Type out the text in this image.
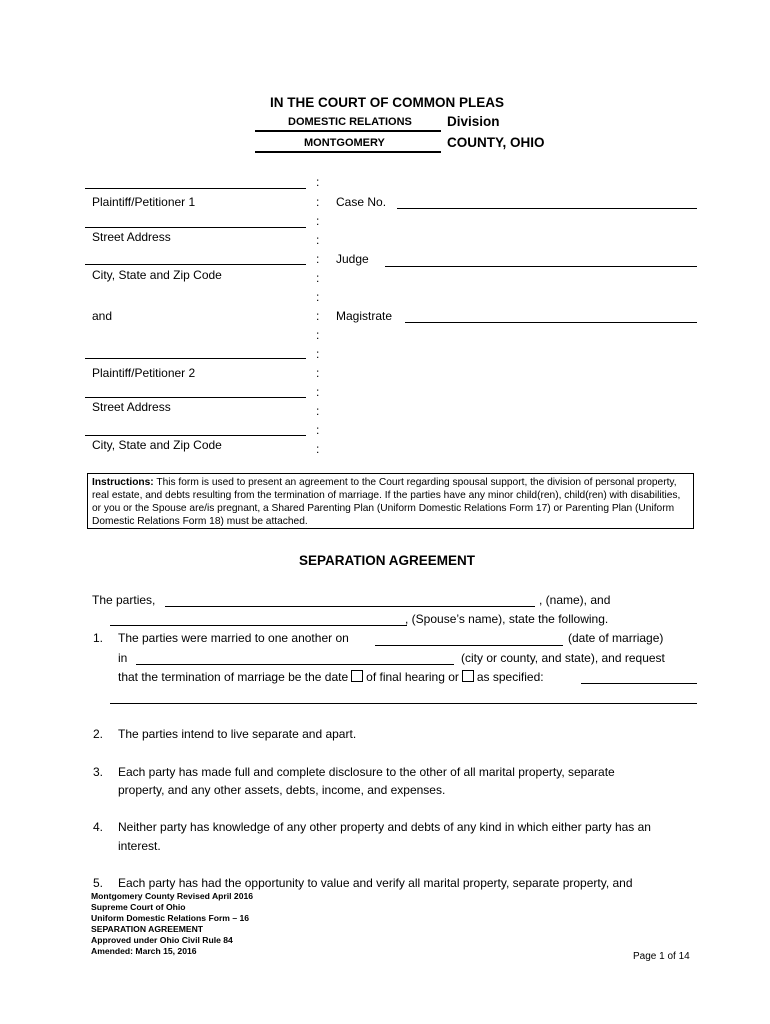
IN THE COURT OF COMMON PLEAS
DOMESTIC RELATIONS	Division
MONTGOMERY	COUNTY, OHIO
Plaintiff/Petitioner 1
Street Address
City, State and Zip Code
and
Plaintiff/Petitioner 2
Street Address
City, State and Zip Code
:
:
:
:
:
:
:
:
:
:
:
:
:
:
:
Case No.
Judge
Magistrate
Instructions: This form is used to present an agreement to the Court regarding spousal support, the division of personal property, real estate, and debts resulting from the termination of marriage. If the parties have any minor child(ren), child(ren) with disabilities, or you or the Spouse are/is pregnant, a Shared Parenting Plan (Uniform Domestic Relations Form 17) or Parenting Plan (Uniform Domestic Relations Form 18) must be attached.
SEPARATION AGREEMENT
The parties,	, (name), and
, (Spouse’s name), state the following.
1. The parties were married to one another on	(date of marriage)
in	(city or county, and state), and request
that the termination of marriage be the date of final hearing or as specified:
2. The parties intend to live separate and apart.
3. Each party has made full and complete disclosure to the other of all marital property, separate
property, and any other assets, debts, income, and expenses.
4. Neither party has knowledge of any other property and debts of any kind in which either party has an
interest.
5. Each party has had the opportunity to value and verify all marital property, separate property, and
Montgomery County Revised April 2016
Supreme Court of Ohio
Uniform Domestic Relations Form – 16
SEPARATION AGREEMENT
Approved under Ohio Civil Rule 84
Amended: March 15, 2016	Page 1 of 14
